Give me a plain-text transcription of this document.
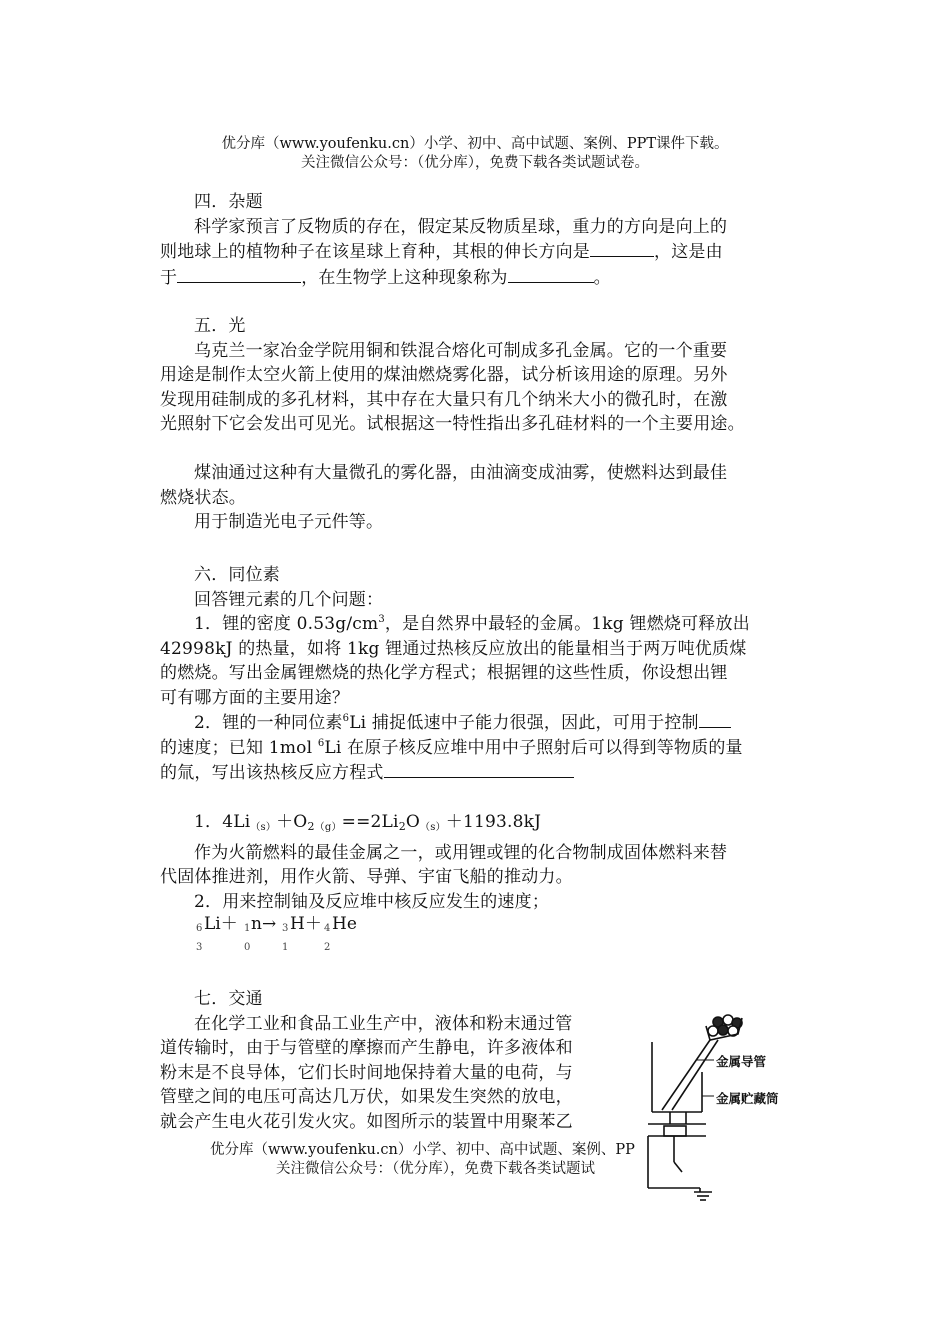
优分库（www.youfenku.cn）小学、初中、高中试题、案例、PPT课件下载。
关注微信公众号：（优分库），免费下载各类试题试卷。
四．杂题
科学家预言了反物质的存在，假定某反物质星球，重力的方向是向上的
则地球上的植物种子在该星球上育种，其根的伸长方向是	，这是由
于	，在生物学上这种现象称为	。
五．光
乌克兰一家冶金学院用铜和铁混合熔化可制成多孔金属。它的一个重要
用途是制作太空火箭上使用的煤油燃烧雾化器，试分析该用途的原理。另外
发现用硅制成的多孔材料，其中存在大量只有几个纳米大小的微孔时，在激
光照射下它会发出可见光。试根据这一特性指出多孔硅材料的一个主要用途。
煤油通过这种有大量微孔的雾化器，由油滴变成油雾，使燃料达到最佳
燃烧状态。
用于制造光电子元件等。
六．同位素
回答锂元素的几个问题：
1．锂的密度 $0.53g/cm^3$，是自然界中最轻的金属。1kg 锂燃烧可释放出
42998kJ 的热量，如将 1kg 锂通过热核反应放出的能量相当于两万吨优质煤
的燃烧。写出金属锂燃烧的热化学方程式；根据锂的这些性质，你设想出锂
可有哪方面的主要用途？
2．锂的一种同位素$^6$Li 捕捉低速中子能力很强，因此，可用于控制
的速度；已知 1mol $^6$Li 在原子核反应堆中用中子照射后可以得到等物质的量
的氚，写出该热核反应方程式
1．$4Li(s)+O_2(g)==2Li_2O(s)+1193.8kJ$
作为火箭燃料的最佳金属之一，或用锂或锂的化合物制成固体燃料来替
代固体推进剂，用作火箭、导弹、宇宙飞船的推动力。
2．用来控制铀及反应堆中核反应发生的速度；
6
3
Li＋ 1
0
n→ 3
1
H＋ 4
2
He
七．交通
在化学工业和食品工业生产中，液体和粉末通过管
道传输时，由于与管壁的摩擦而产生静电，许多液体和
粉末是不良导体，它们长时间地保持着大量的电荷，与
管壁之间的电压可高达几万伏，如果发生突然的放电，
就会产生电火花引发火灾。如图所示的装置中用聚苯乙
金属导管
金属贮藏筒
优分库（www.youfenku.cn）小学、初中、高中试题、案例、PP
关注微信公众号：（优分库），免费下载各类试题试
